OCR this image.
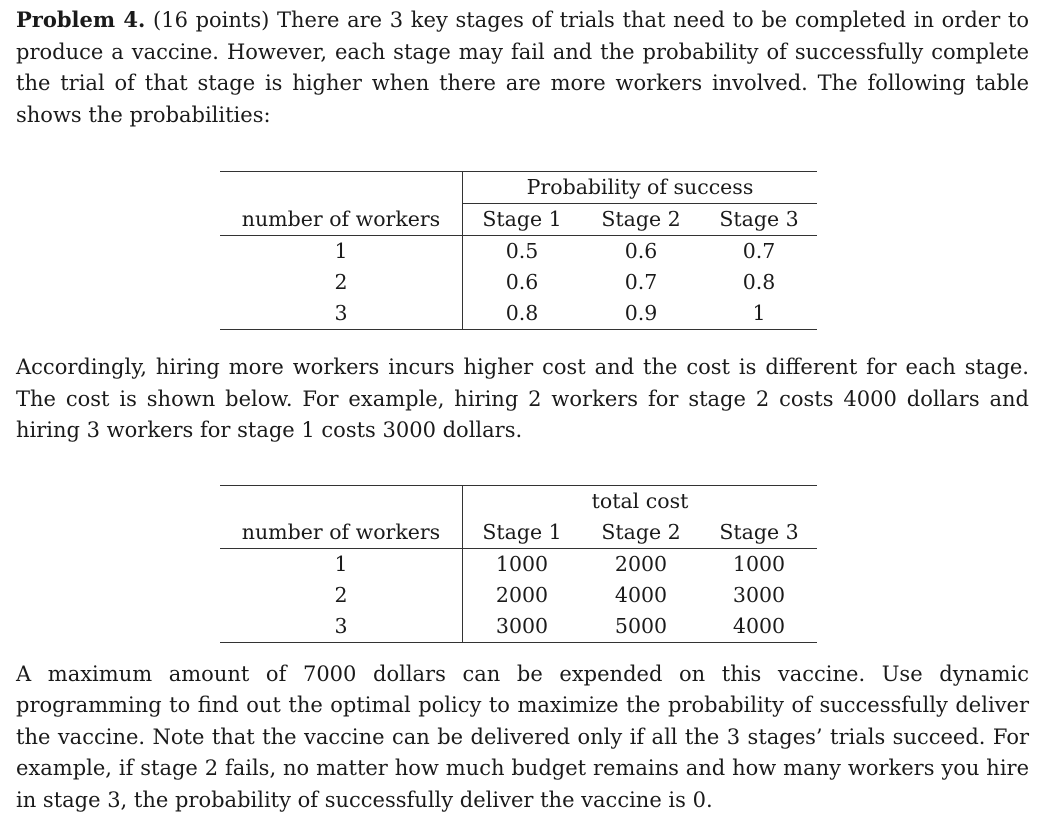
Problem 4. (16 points) There are 3 key stages of trials that need to be completed in order to produce a vaccine. However, each stage may fail and the probability of successfully complete the trial of that stage is higher when there are more workers involved. The following table shows the probabilities:

	Probability of success		
number of workers	Stage 1	Stage 2	Stage 3
1	0.5	0.6	0.7
2	0.6	0.7	0.8
3	0.8	0.9	1

Accordingly, hiring more workers incurs higher cost and the cost is different for each stage. The cost is shown below. For example, hiring 2 workers for stage 2 costs 4000 dollars and hiring 3 workers for stage 1 costs 3000 dollars.

	total cost		
number of workers	Stage 1	Stage 2	Stage 3
1	1000	2000	1000
2	2000	4000	3000
3	3000	5000	4000

A maximum amount of 7000 dollars can be expended on this vaccine. Use dynamic programming to find out the optimal policy to maximize the probability of successfully deliver the vaccine. Note that the vaccine can be delivered only if all the 3 stages’ trials succeed. For example, if stage 2 fails, no matter how much budget remains and how many workers you hire in stage 3, the probability of successfully deliver the vaccine is 0.
